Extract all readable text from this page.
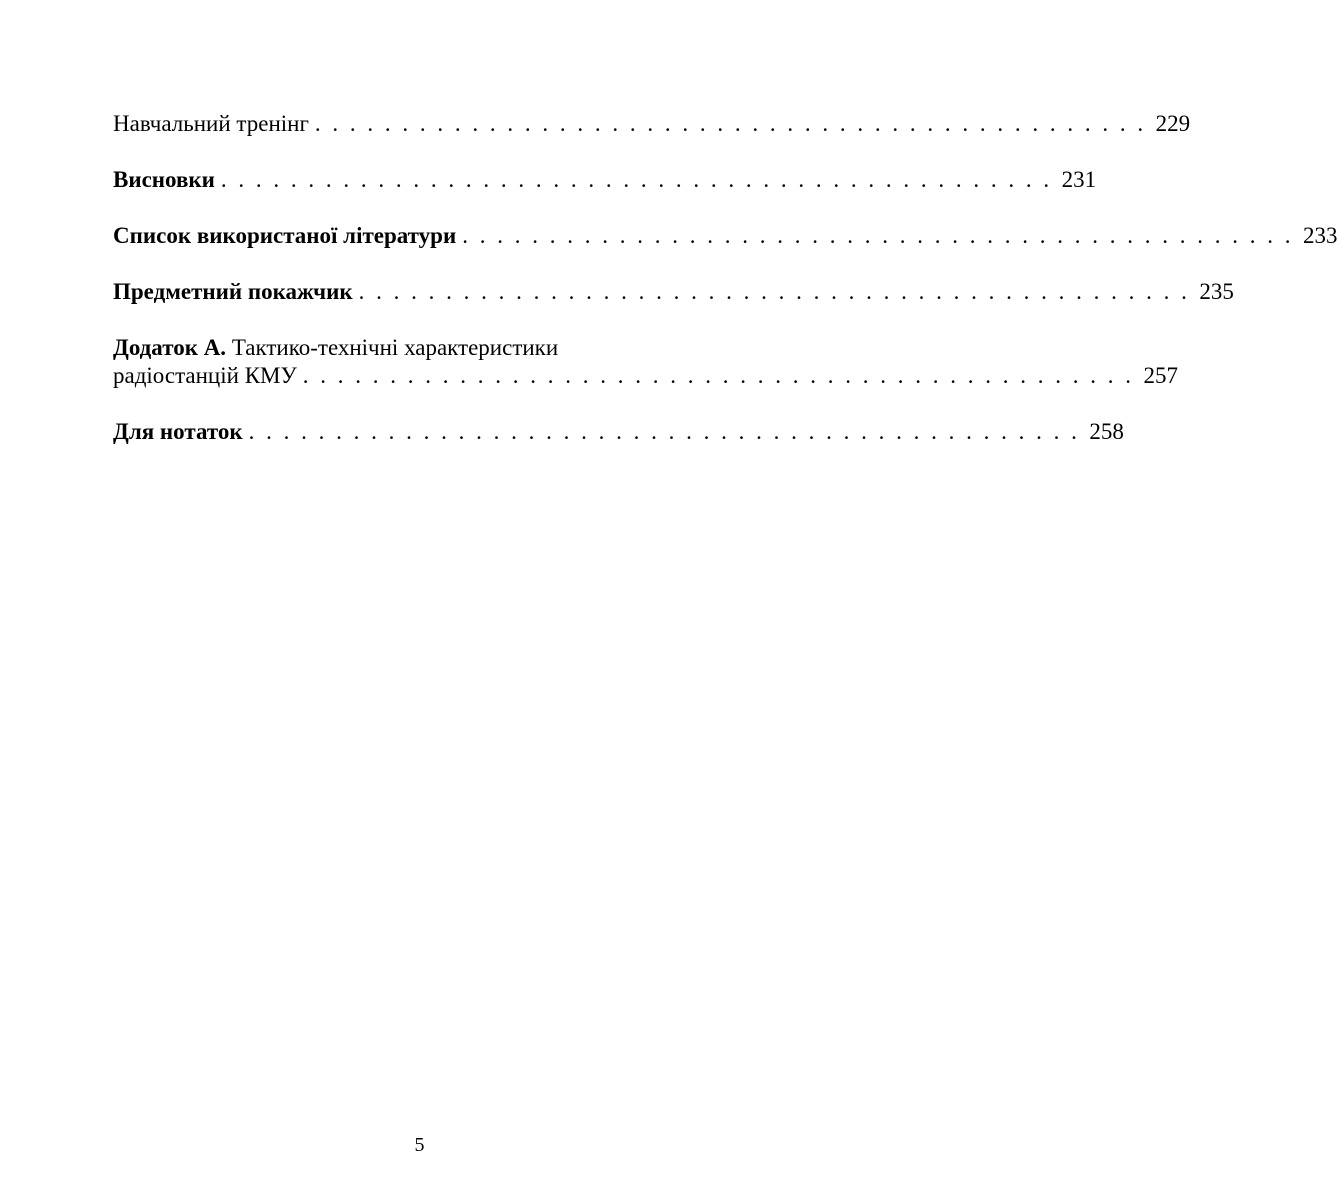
Навчальний тренінг . . . . . . . . . . . . . . . . . . . . . . . . . . . . . . . . . . . . . . . . . . . . . . . . 229
Висновки . . . . . . . . . . . . . . . . . . . . . . . . . . . . . . . . . . . . . . . . . . . . . . . . 231
Список використаної літератури . . . . . . . . . . . . . . . . . . . . . . . . . . . . . . . . . . . . . . . . . . . . . . . . 233
Предметний покажчик . . . . . . . . . . . . . . . . . . . . . . . . . . . . . . . . . . . . . . . . . . . . . . . . 235
Додаток А. Тактико-технічні характеристики
радіостанцій КМУ . . . . . . . . . . . . . . . . . . . . . . . . . . . . . . . . . . . . . . . . . . . . . . . . 257
Для нотаток . . . . . . . . . . . . . . . . . . . . . . . . . . . . . . . . . . . . . . . . . . . . . . . . 258
5
